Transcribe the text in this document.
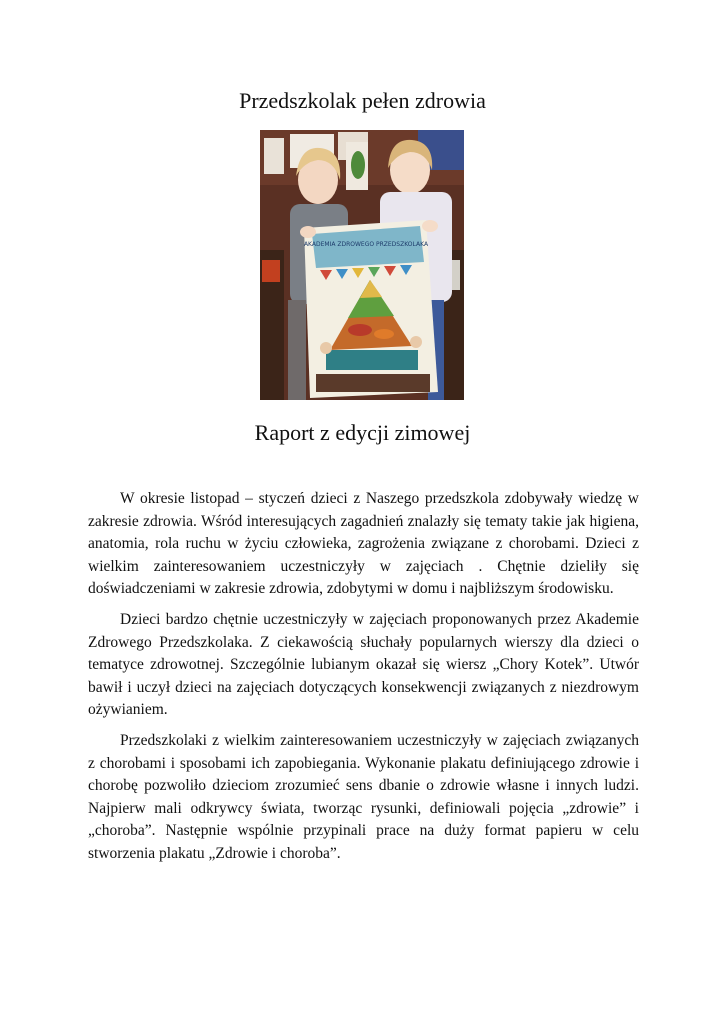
Przedszkolak pełen zdrowia
AKADEMIA ZDROWEGO PRZEDSZKOLAKA
Raport z edycji zimowej

W okresie listopad – styczeń dzieci z Naszego przedszkola zdobywały wiedzę w zakresie zdrowia. Wśród interesujących zagadnień znalazły się tematy takie jak higiena, anatomia, rola ruchu w życiu człowieka, zagrożenia związane z chorobami. Dzieci z wielkim zainteresowaniem uczestniczyły w zajęciach . Chętnie dzieliły się doświadczeniami w zakresie zdrowia, zdobytymi w domu i najbliższym środowisku.

Dzieci bardzo chętnie uczestniczyły w zajęciach proponowanych przez Akademie Zdrowego Przedszkolaka. Z ciekawością słuchały popularnych wierszy dla dzieci o tematyce zdrowotnej. Szczególnie lubianym okazał się wiersz „Chory Kotek”. Utwór bawił i uczył dzieci na zajęciach dotyczących konsekwencji związanych z niezdrowym ożywianiem.

Przedszkolaki z wielkim zainteresowaniem uczestniczyły w zajęciach związanych z chorobami i sposobami ich zapobiegania. Wykonanie plakatu definiującego zdrowie i chorobę pozwoliło dzieciom zrozumieć sens dbanie o zdrowie własne i innych ludzi. Najpierw mali odkrywcy świata, tworząc rysunki, definiowali pojęcia „zdrowie” i „choroba”. Następnie wspólnie przypinali prace na duży format papieru w celu stworzenia plakatu „Zdrowie i choroba”.
